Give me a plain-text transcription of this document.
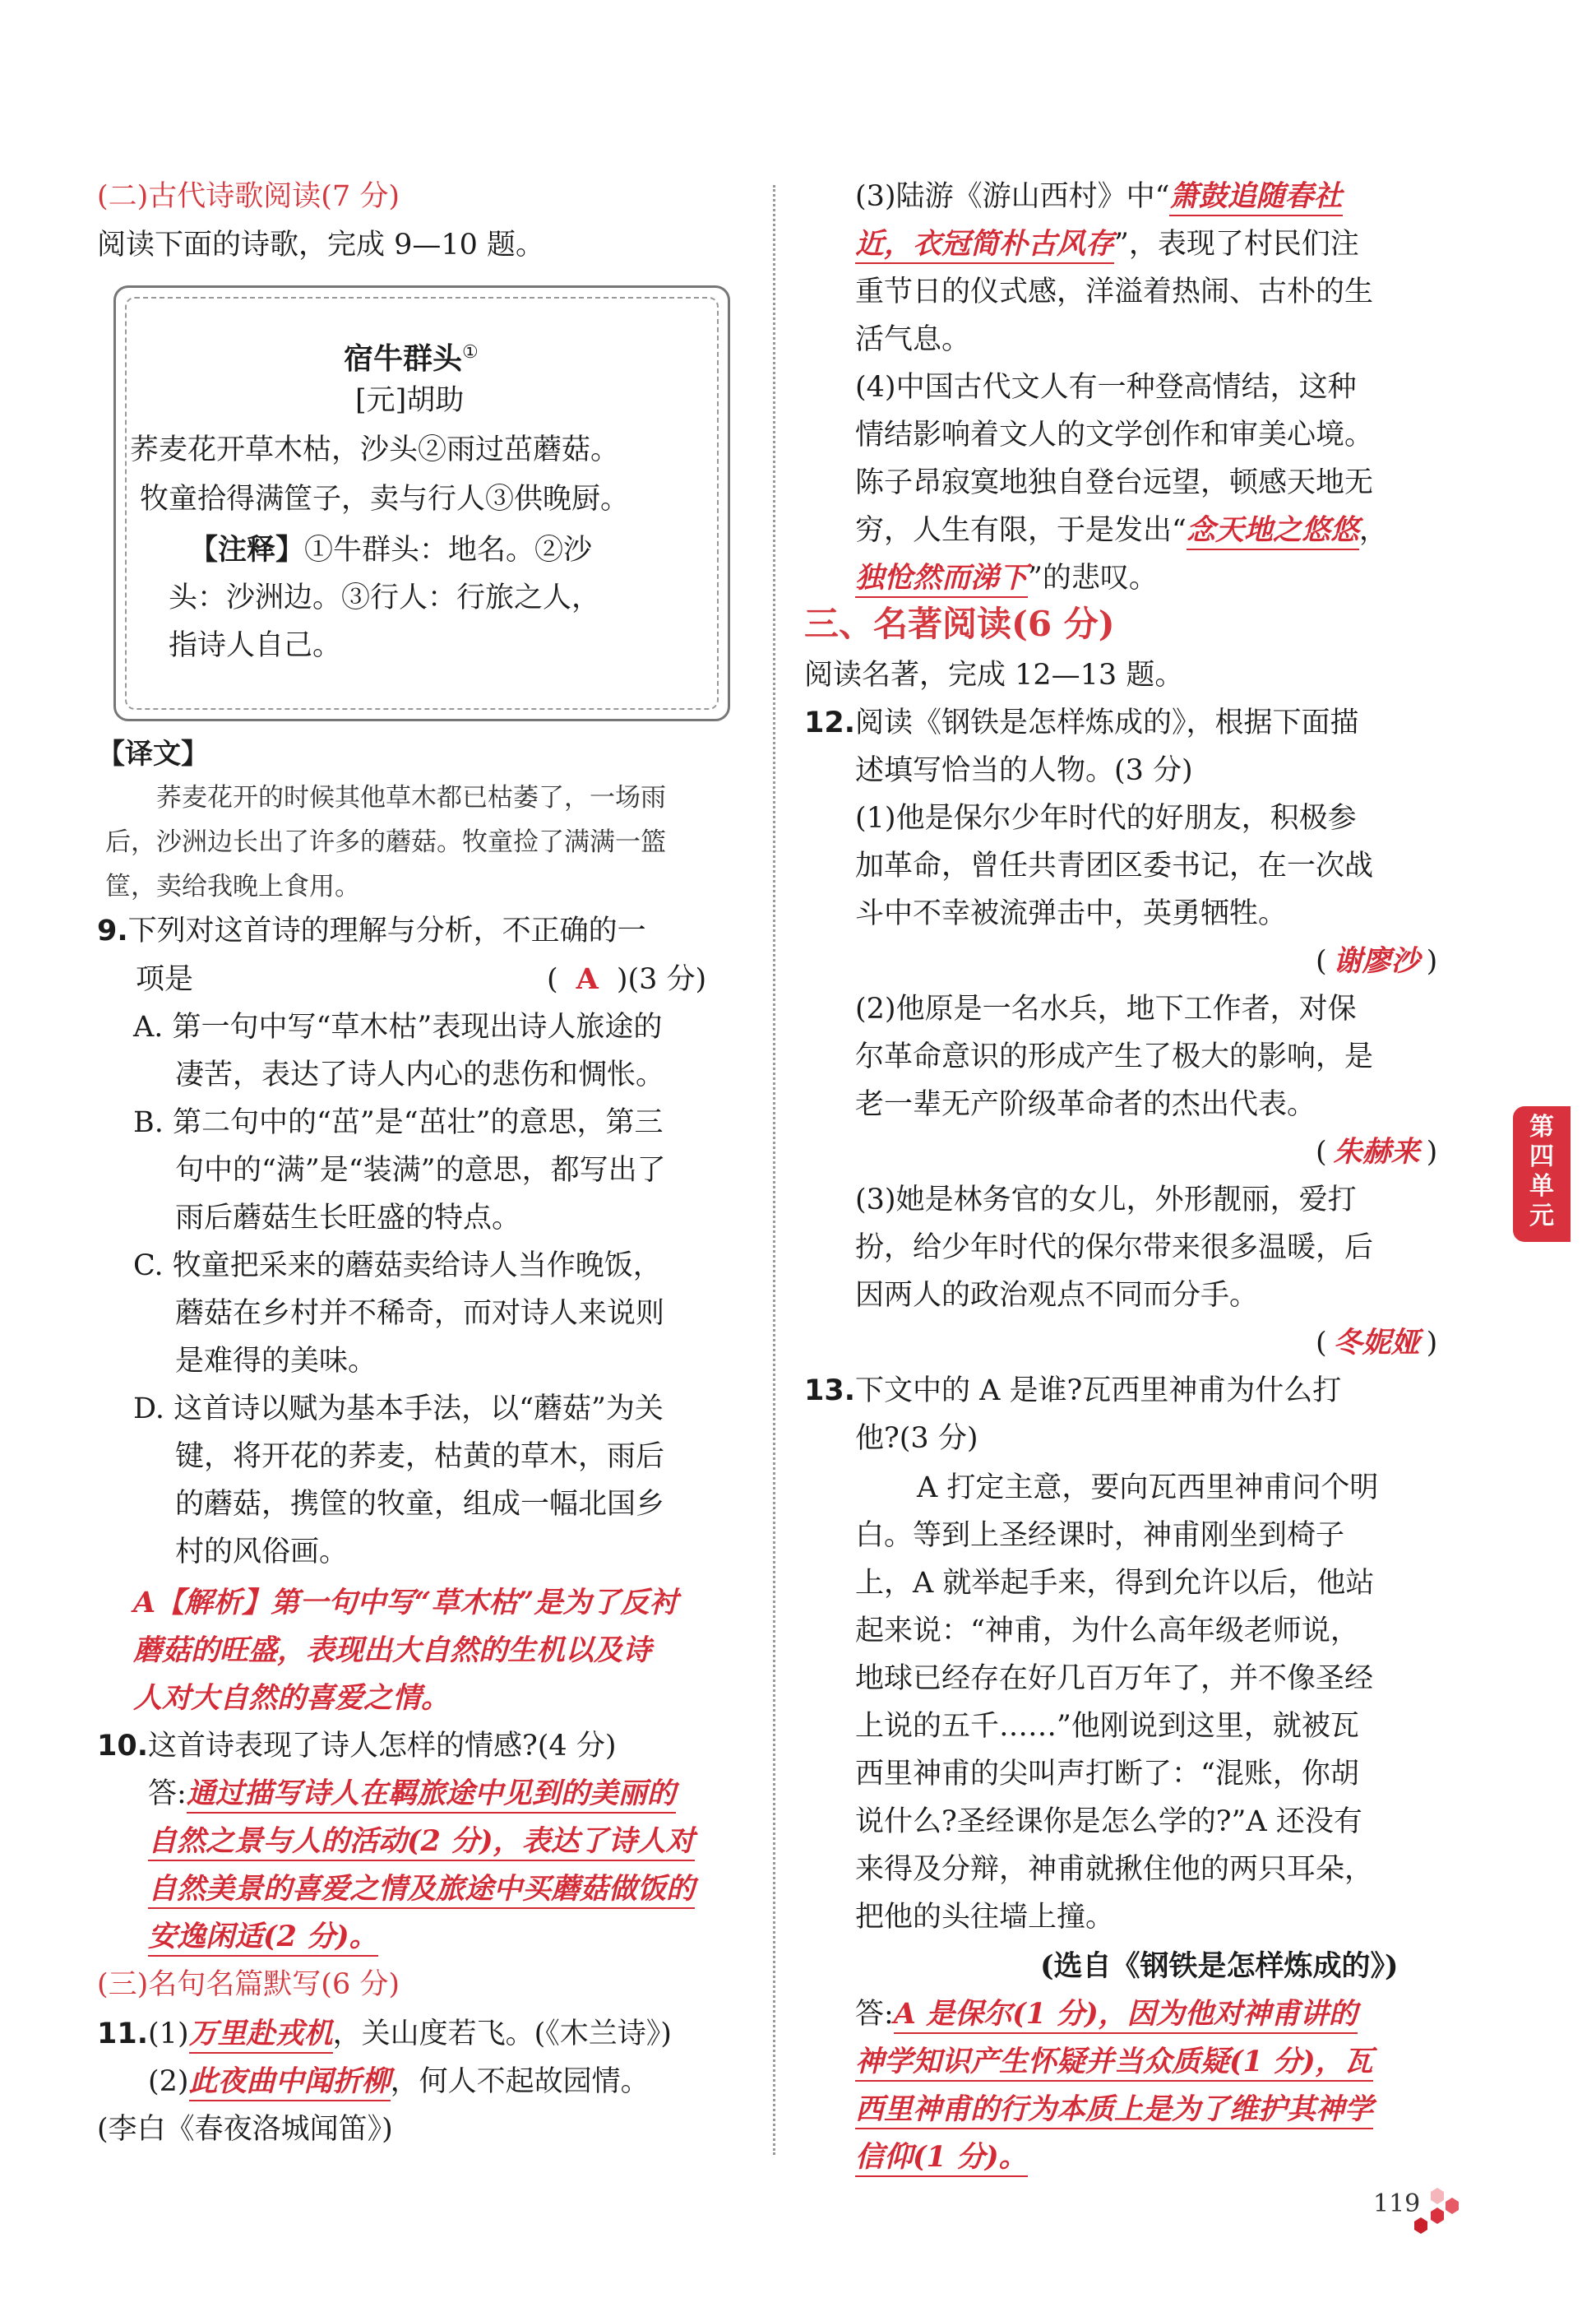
(二)古代诗歌阅读(7 分)
阅读下面的诗歌，完成 9—10 题。
宿牛群头①
[元]胡助
荞麦花开草木枯，沙头②雨过茁蘑菇。
牧童拾得满筐子，卖与行人③供晚厨。
【注释】①牛群头：地名。②沙
头：沙洲边。③行人：行旅之人，
指诗人自己。
【译文】
荞麦花开的时候其他草木都已枯萎了，一场雨
后，沙洲边长出了许多的蘑菇。牧童捡了满满一篮
筐，卖给我晚上食用。
9.下列对这首诗的理解与分析，不正确的一
项是	( A )(3 分)
A. 第一句中写“草木枯”表现出诗人旅途的
凄苦，表达了诗人内心的悲伤和惆怅。
B. 第二句中的“茁”是“茁壮”的意思，第三
句中的“满”是“装满”的意思，都写出了
雨后蘑菇生长旺盛的特点。
C. 牧童把采来的蘑菇卖给诗人当作晚饭，
蘑菇在乡村并不稀奇，而对诗人来说则
是难得的美味。
D. 这首诗以赋为基本手法，以“蘑菇”为关
键，将开花的荞麦，枯黄的草木，雨后
的蘑菇，携筐的牧童，组成一幅北国乡
村的风俗画。
A【解析】第一句中写“草木枯”是为了反衬
蘑菇的旺盛，表现出大自然的生机以及诗
人对大自然的喜爱之情。
10.这首诗表现了诗人怎样的情感?(4 分)
答:通过描写诗人在羁旅途中见到的美丽的
自然之景与人的活动(2 分)，表达了诗人对
自然美景的喜爱之情及旅途中买蘑菇做饭的
安逸闲适(2 分)。
(三)名句名篇默写(6 分)
11.(1)万里赴戎机，关山度若飞。(《木兰诗》)
(2)此夜曲中闻折柳，何人不起故园情。
(李白《春夜洛城闻笛》)
(3)陆游《游山西村》中“箫鼓追随春社
近，衣冠简朴古风存”，表现了村民们注
重节日的仪式感，洋溢着热闹、古朴的生
活气息。
(4)中国古代文人有一种登高情结，这种
情结影响着文人的文学创作和审美心境。
陈子昂寂寞地独自登台远望，顿感天地无
穷，人生有限，于是发出“念天地之悠悠，
独怆然而涕下”的悲叹。
三、名著阅读(6 分)
阅读名著，完成 12—13 题。
12.阅读《钢铁是怎样炼成的》，根据下面描
述填写恰当的人物。(3 分)
(1)他是保尔少年时代的好朋友，积极参
加革命，曾任共青团区委书记，在一次战
斗中不幸被流弹击中，英勇牺牲。
( 谢廖沙 )
(2)他原是一名水兵，地下工作者，对保
尔革命意识的形成产生了极大的影响，是
老一辈无产阶级革命者的杰出代表。
( 朱赫来 )
(3)她是林务官的女儿，外形靓丽，爱打
扮，给少年时代的保尔带来很多温暖，后
因两人的政治观点不同而分手。
( 冬妮娅 )
13.下文中的 A 是谁?瓦西里神甫为什么打
他?(3 分)
A 打定主意，要向瓦西里神甫问个明
白。等到上圣经课时，神甫刚坐到椅子
上，A 就举起手来，得到允许以后，他站
起来说：“神甫，为什么高年级老师说，
地球已经存在好几百万年了，并不像圣经
上说的五千……”他刚说到这里，就被瓦
西里神甫的尖叫声打断了：“混账，你胡
说什么?圣经课你是怎么学的?”A 还没有
来得及分辩，神甫就揪住他的两只耳朵，
把他的头往墙上撞。
(选自《钢铁是怎样炼成的》)
答:A 是保尔(1 分)，因为他对神甫讲的
神学知识产生怀疑并当众质疑(1 分)，瓦
西里神甫的行为本质上是为了维护其神学
信仰(1 分)。
第
四
单
元
119
